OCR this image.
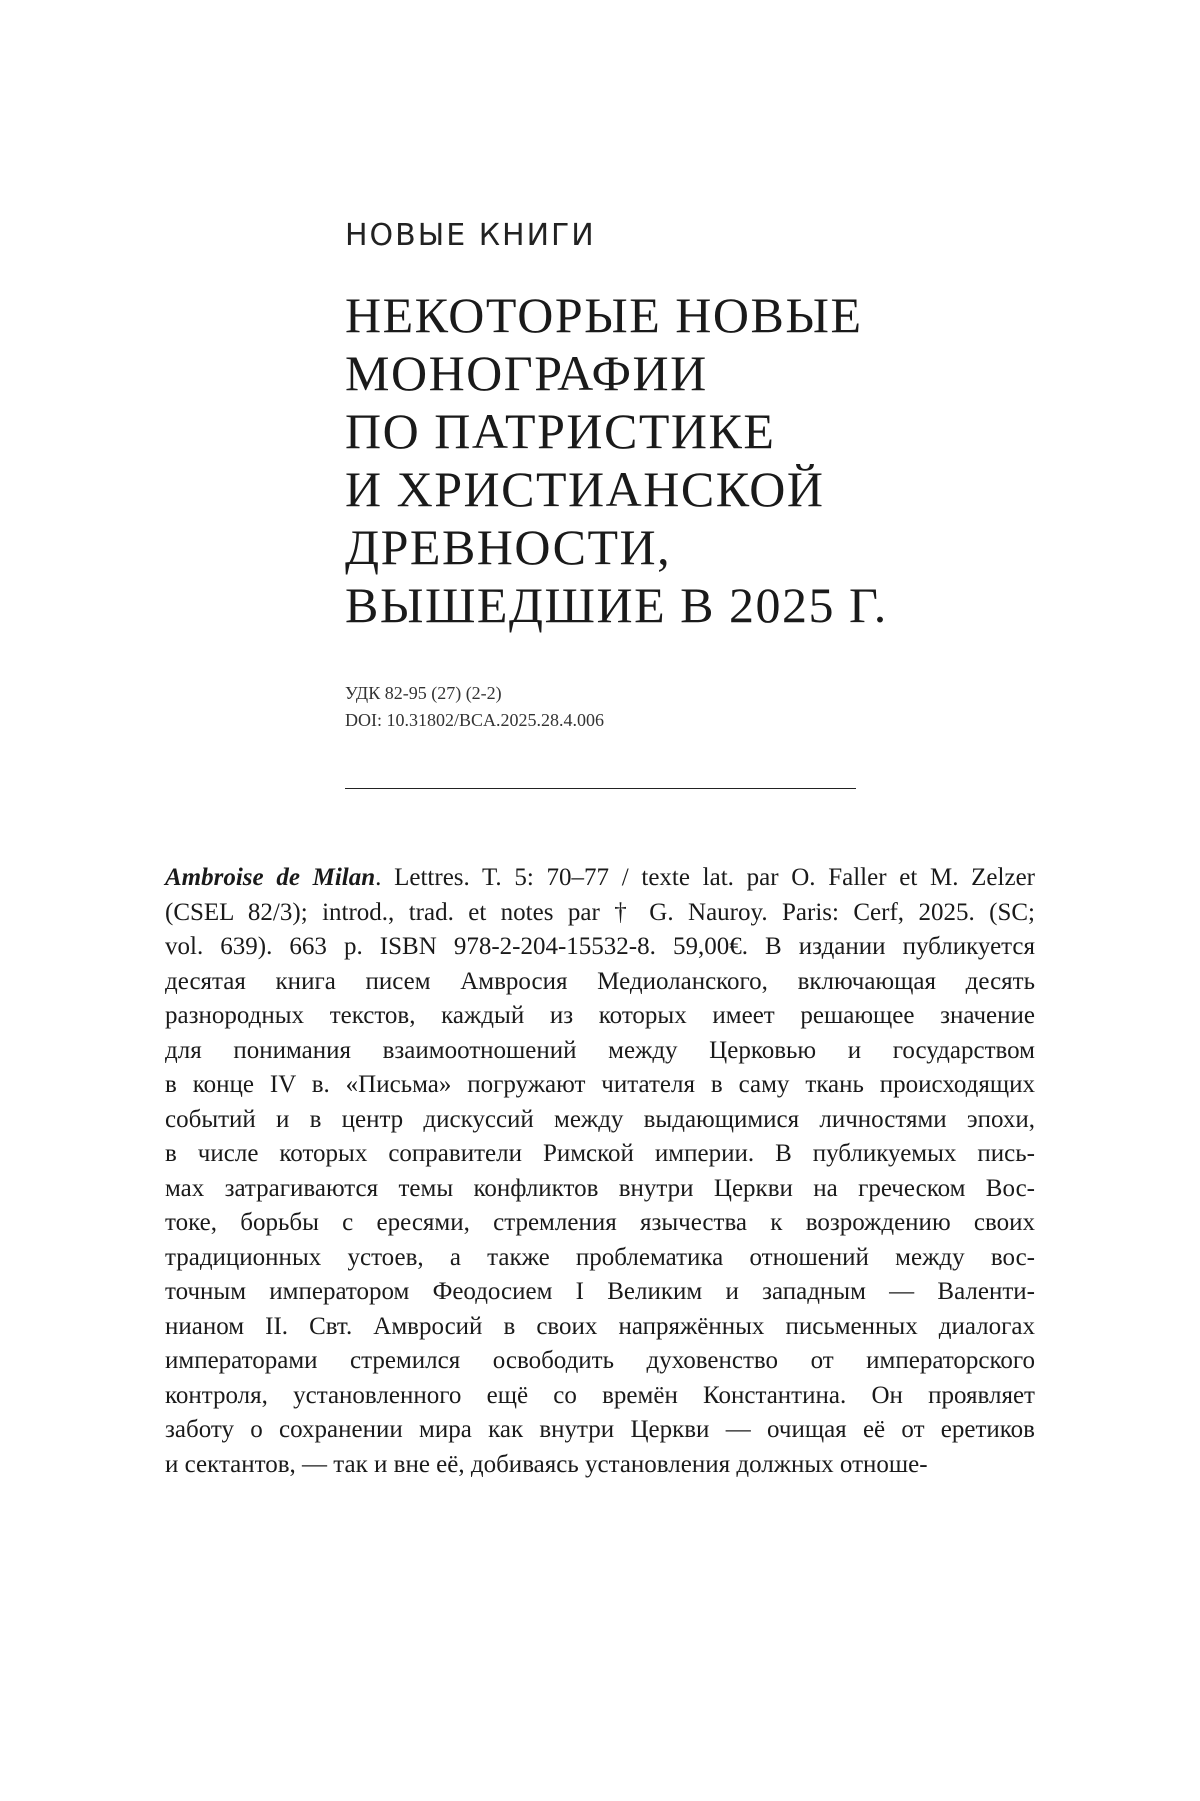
НОВЫЕ КНИГИ
НЕКОТОРЫЕ НОВЫЕ
МОНОГРАФИИ
ПО ПАТРИСТИКЕ
И ХРИСТИАНСКОЙ
ДРЕВНОСТИ,
ВЫШЕДШИЕ В 2025 Г.
УДК 82-95 (27) (2-2)
DOI: 10.31802/BCA.2025.28.4.006
Ambroise de Milan. Lettres. T. 5: 70–77 / texte lat. par O. Faller et M. Zelzer
(CSEL 82/3); introd., trad. et notes par † G. Nauroy. Paris: Cerf, 2025. (SC;
vol. 639). 663 p. ISBN 978-2-204-15532-8. 59,00€. В издании публикуется
десятая книга писем Амвросия Медиоланского, включающая десять
разнородных текстов, каждый из которых имеет решающее значение
для понимания взаимоотношений между Церковью и государством
в конце IV в. «Письма» погружают читателя в саму ткань происходящих
событий и в центр дискуссий между выдающимися личностями эпохи,
в числе которых соправители Римской империи. В публикуемых пись-
мах затрагиваются темы конфликтов внутри Церкви на греческом Вос-
токе, борьбы с ересями, стремления язычества к возрождению своих
традиционных устоев, а также проблематика отношений между вос-
точным императором Феодосием I Великим и западным — Валенти-
нианом II. Свт. Амвросий в своих напряжённых письменных диалогах
императорами стремился освободить духовенство от императорского
контроля, установленного ещё со времён Константина. Он проявляет
заботу о сохранении мира как внутри Церкви — очищая её от еретиков
и сектантов, — так и вне её, добиваясь установления должных отноше-
